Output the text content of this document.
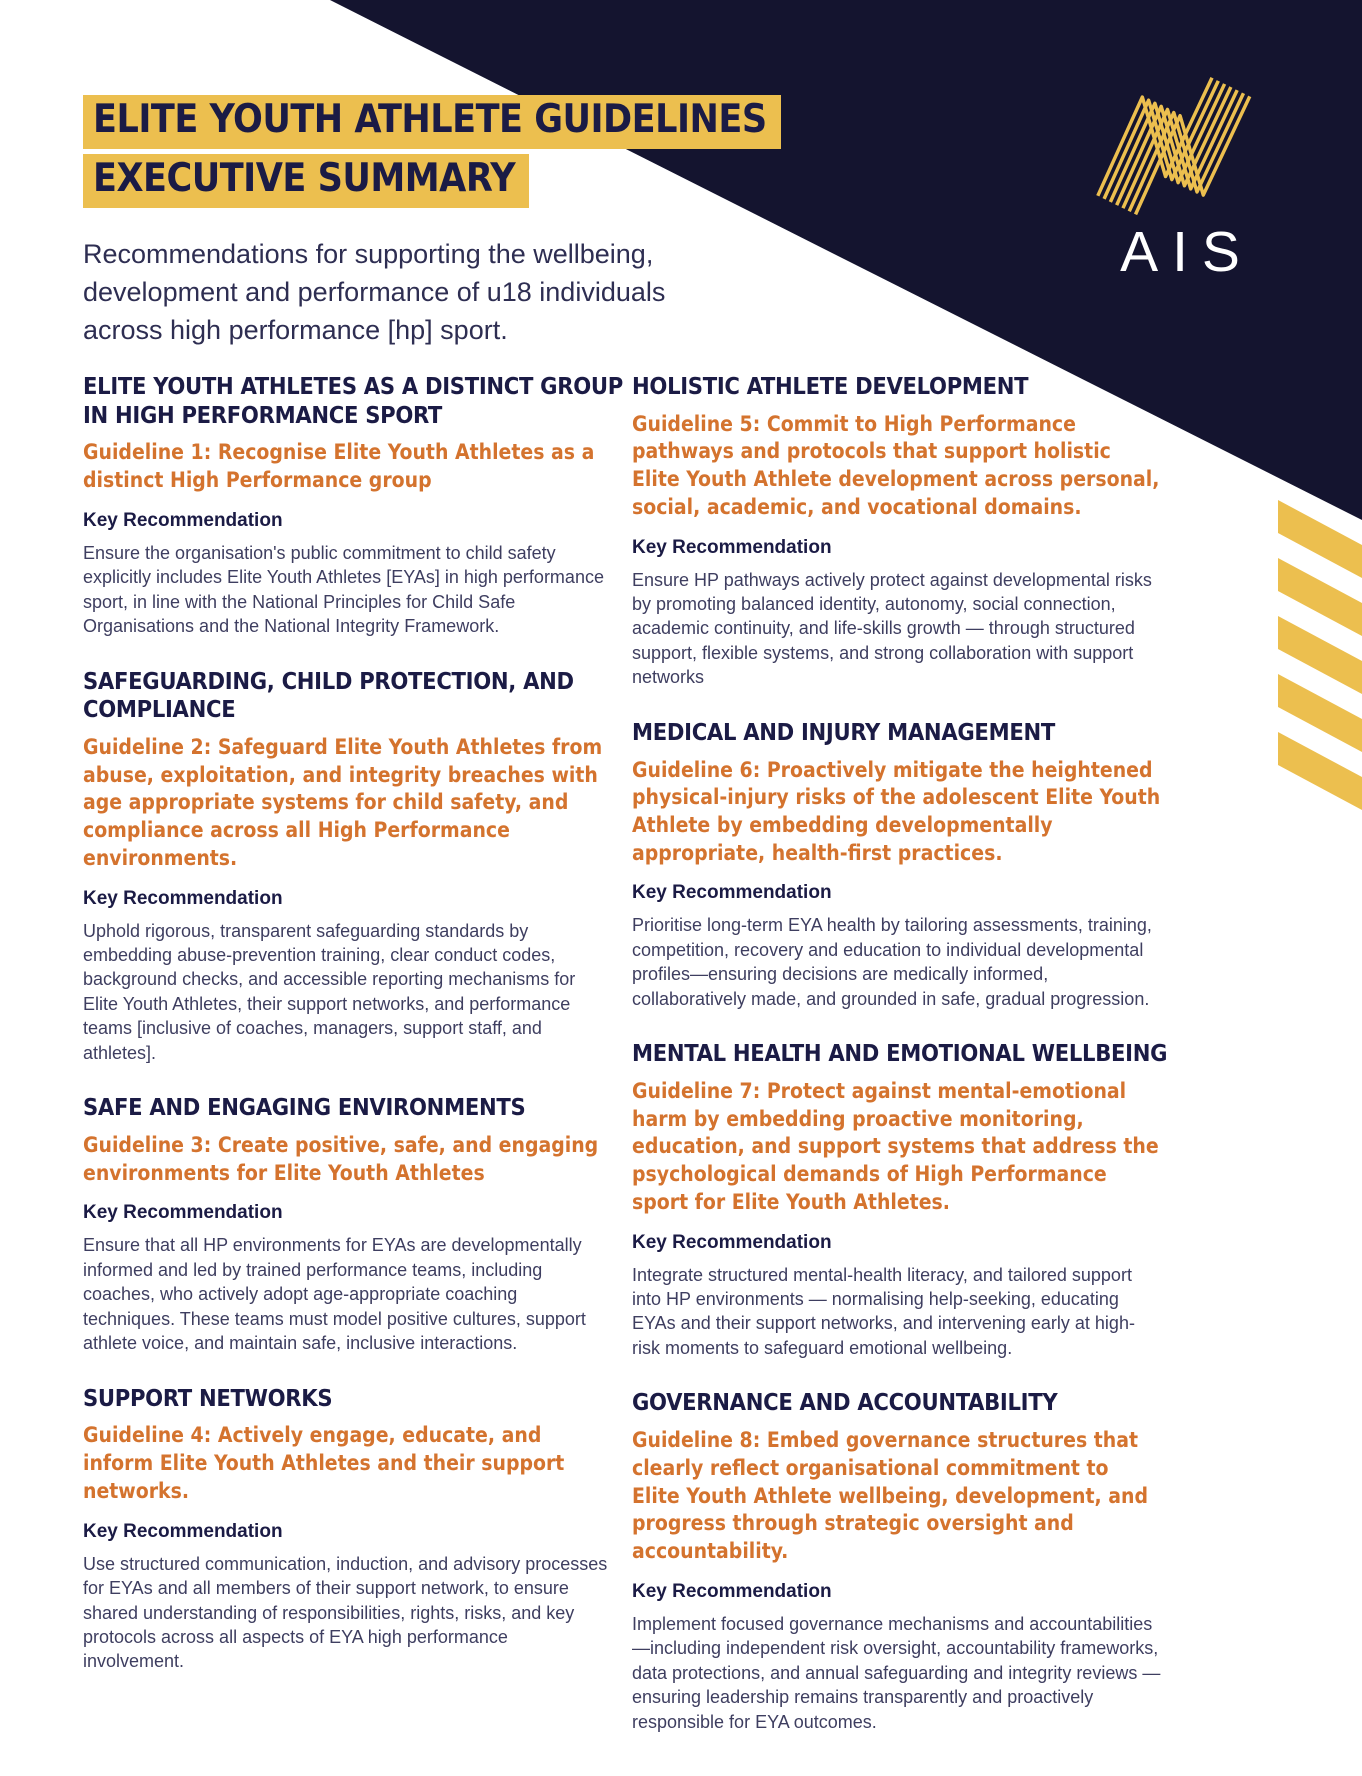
AIS
ELITE YOUTH ATHLETE GUIDELINES
EXECUTIVE SUMMARY
Recommendations for supporting the wellbeing, development and performance of u18 individuals across high performance [hp] sport.
ELITE YOUTH ATHLETES AS A DISTINCT GROUP IN HIGH PERFORMANCE SPORT

Guideline 1: Recognise Elite Youth Athletes as a distinct High Performance group

Key Recommendation

Ensure the organisation's public commitment to child safety explicitly includes Elite Youth Athletes [EYAs] in high performance sport, in line with the National Principles for Child Safe Organisations and the National Integrity Framework.

SAFEGUARDING, CHILD PROTECTION, AND COMPLIANCE

Guideline 2: Safeguard Elite Youth Athletes from abuse, exploitation, and integrity breaches with age appropriate systems for child safety, and compliance across all High Performance environments.

Key Recommendation

Uphold rigorous, transparent safeguarding standards by embedding abuse-prevention training, clear conduct codes, background checks, and accessible reporting mechanisms for Elite Youth Athletes, their support networks, and performance teams [inclusive of coaches, managers, support staff, and athletes].

SAFE AND ENGAGING ENVIRONMENTS

Guideline 3: Create positive, safe, and engaging environments for Elite Youth Athletes

Key Recommendation

Ensure that all HP environments for EYAs are developmentally informed and led by trained performance teams, including coaches, who actively adopt age-appropriate coaching techniques. These teams must model positive cultures, support athlete voice, and maintain safe, inclusive interactions.

SUPPORT NETWORKS

Guideline 4: Actively engage, educate, and inform Elite Youth Athletes and their support networks.

Key Recommendation

Use structured communication, induction, and advisory processes for EYAs and all members of their support network, to ensure shared understanding of responsibilities, rights, risks, and key protocols across all aspects of EYA high performance involvement.

HOLISTIC ATHLETE DEVELOPMENT

Guideline 5: Commit to High Performance pathways and protocols that support holistic Elite Youth Athlete development across personal, social, academic, and vocational domains.

Key Recommendation

Ensure HP pathways actively protect against developmental risks by promoting balanced identity, autonomy, social connection, academic continuity, and life-skills growth — through structured support, flexible systems, and strong collaboration with support networks

MEDICAL AND INJURY MANAGEMENT

Guideline 6: Proactively mitigate the heightened physical-injury risks of the adolescent Elite Youth Athlete by embedding developmentally appropriate, health-first practices.

Key Recommendation

Prioritise long-term EYA health by tailoring assessments, training, competition, recovery and education to individual developmental profiles—ensuring decisions are medically informed, collaboratively made, and grounded in safe, gradual progression.

MENTAL HEALTH AND EMOTIONAL WELLBEING

Guideline 7: Protect against mental-emotional harm by embedding proactive monitoring, education, and support systems that address the psychological demands of High Performance sport for Elite Youth Athletes.

Key Recommendation

Integrate structured mental-health literacy, and tailored support into HP environments — normalising help-seeking, educating EYAs and their support networks, and intervening early at high-risk moments to safeguard emotional wellbeing.

GOVERNANCE AND ACCOUNTABILITY

Guideline 8: Embed governance structures that clearly reflect organisational commitment to Elite Youth Athlete wellbeing, development, and progress through strategic oversight and accountability.

Key Recommendation

Implement focused governance mechanisms and accountabilities—including independent risk oversight, accountability frameworks, data protections, and annual safeguarding and integrity reviews — ensuring leadership remains transparently and proactively responsible for EYA outcomes.
